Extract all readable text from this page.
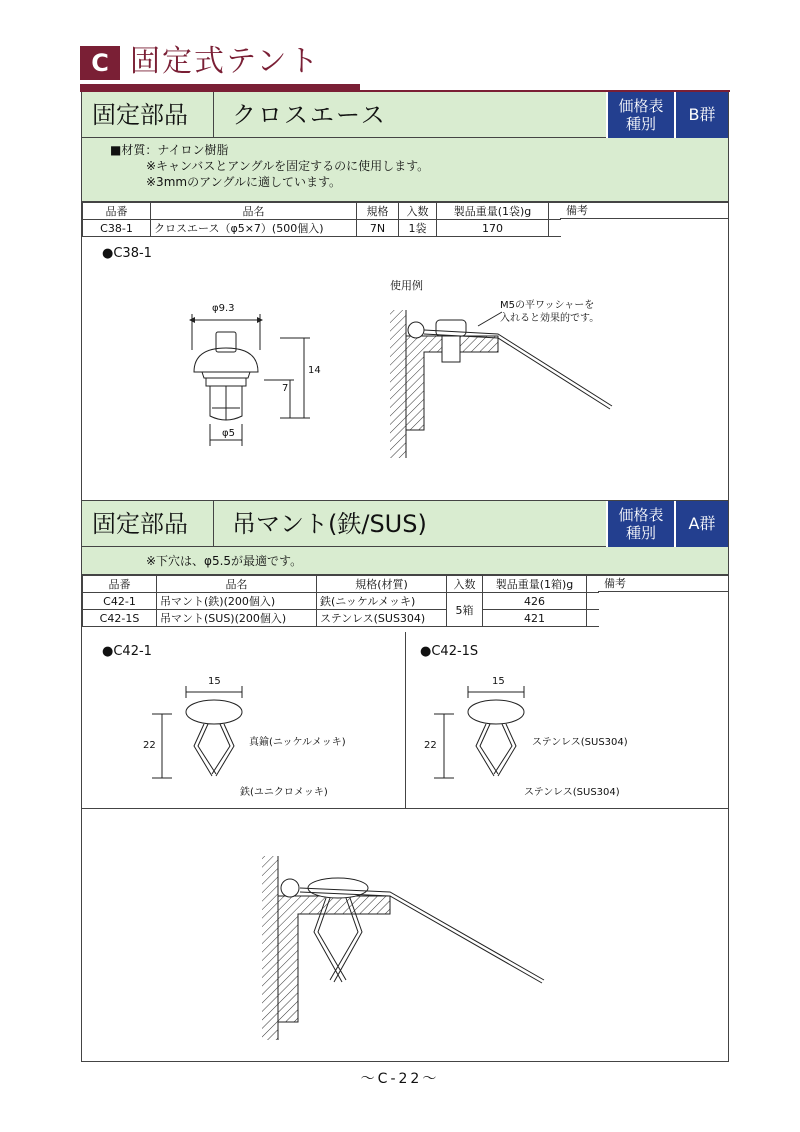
C 固定式テント
固定部品 クロスエース	価格表
種別	B群
■材質：ナイロン樹脂
※キャンバスとアングルを固定するのに使用します。
※3mmのアングルに適しています。
品番	品名	規格	入数	製品重量(1袋)g	
C38-1	クロスエース（φ5×7）(500個入)	7N	1袋	170	
備考
●C38-1
使用例
M5の平ワッシャーを
入れると効果的です。
φ9.3
14
7
φ5
固定部品 吊マント(鉄/SUS)	価格表
種別	A群
※下穴は、φ5.5が最適です。
品番	品名	規格(材質)	入数	製品重量(1箱)g	
C42-1	吊マント(鉄)(200個入)	鉄(ニッケルメッキ)	5箱	426	
C42-1S	吊マント(SUS)(200個入)	ステンレス(SUS304)		421	
備考
●C42-1
15
22	真鍮(ニッケルメッキ)
鉄(ユニクロメッキ)
●C42-1S
15
22	ステンレス(SUS304)
ステンレス(SUS304)
～C-22～
